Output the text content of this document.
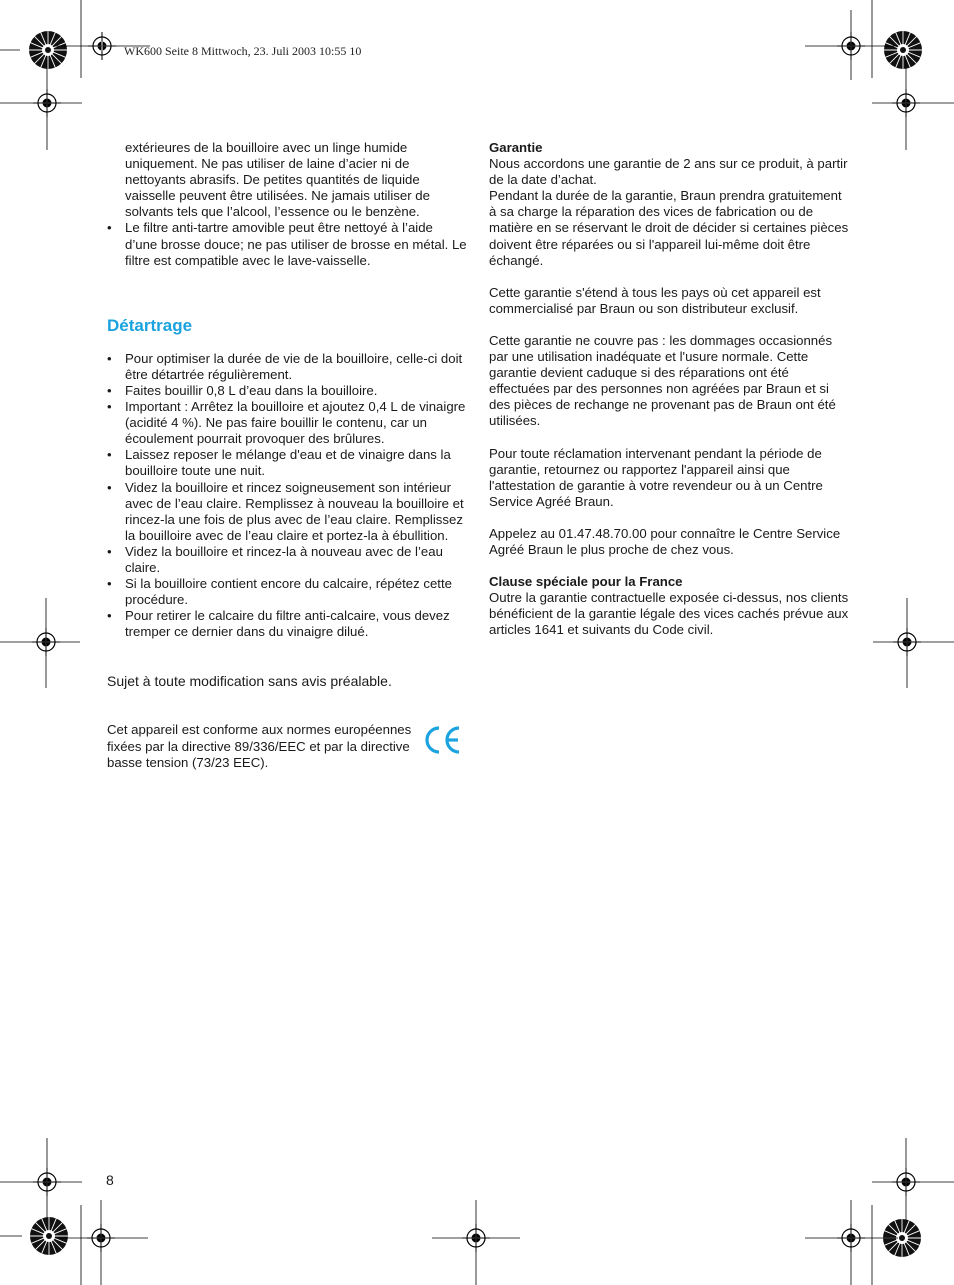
WK600 Seite 8 Mittwoch, 23. Juli 2003 10:55 10

extérieures de la bouilloire avec un linge humide uniquement. Ne pas utiliser de laine d’acier ni de nettoyants abrasifs. De petites quantités de liquide vaisselle peuvent être utilisées. Ne jamais utiliser de solvants tels que l’alcool, l’essence ou le benzène.

• Le filtre anti-tartre amovible peut être nettoyé à l’aide d’une brosse douce; ne pas utiliser de brosse en métal. Le filtre est compatible avec le lave-vaisselle.
Détartrage
• Pour optimiser la durée de vie de la bouilloire, celle-ci doit être détartrée régulièrement.
• Faites bouillir 0,8 L d’eau dans la bouilloire.
• Important : Arrêtez la bouilloire et ajoutez 0,4 L de vinaigre (acidité 4 %). Ne pas faire bouillir le contenu, car un écoulement pourrait provoquer des brûlures.
• Laissez reposer le mélange d'eau et de vinaigre dans la bouilloire toute une nuit.
• Videz la bouilloire et rincez soigneusement son intérieur avec de l’eau claire. Remplissez à nouveau la bouilloire et rincez-la une fois de plus avec de l’eau claire. Remplissez la bouilloire avec de l’eau claire et portez-la à ébullition.
• Videz la bouilloire et rincez-la à nouveau avec de l’eau claire.
• Si la bouilloire contient encore du calcaire, répétez cette procédure.
• Pour retirer le calcaire du filtre anti-calcaire, vous devez tremper ce dernier dans du vinaigre dilué.

Sujet à toute modification sans avis préalable.

Cet appareil est conforme aux normes européennes fixées par la directive 89/336/EEC et par la directive basse tension (73/23 EEC).

Garantie

Nous accordons une garantie de 2 ans sur ce produit, à partir de la date d’achat.

Pendant la durée de la garantie, Braun prendra gratuitement à sa charge la réparation des vices de fabrication ou de matière en se réservant le droit de décider si certaines pièces doivent être réparées ou si l'appareil lui-même doit être échangé.

Cette garantie s'étend à tous les pays où cet appareil est commercialisé par Braun ou son distributeur exclusif.

Cette garantie ne couvre pas : les dommages occasionnés par une utilisation inadéquate et l'usure normale. Cette garantie devient caduque si des réparations ont été effectuées par des personnes non agréées par Braun et si des pièces de rechange ne provenant pas de Braun ont été utilisées.

Pour toute réclamation intervenant pendant la période de garantie, retournez ou rapportez l'appareil ainsi que l'attestation de garantie à votre revendeur ou à un Centre Service Agréé Braun.

Appelez au 01.47.48.70.00 pour connaître le Centre Service Agréé Braun le plus proche de chez vous.

Clause spéciale pour la France

Outre la garantie contractuelle exposée ci-dessus, nos clients bénéficient de la garantie légale des vices cachés prévue aux articles 1641 et suivants du Code civil.

8
